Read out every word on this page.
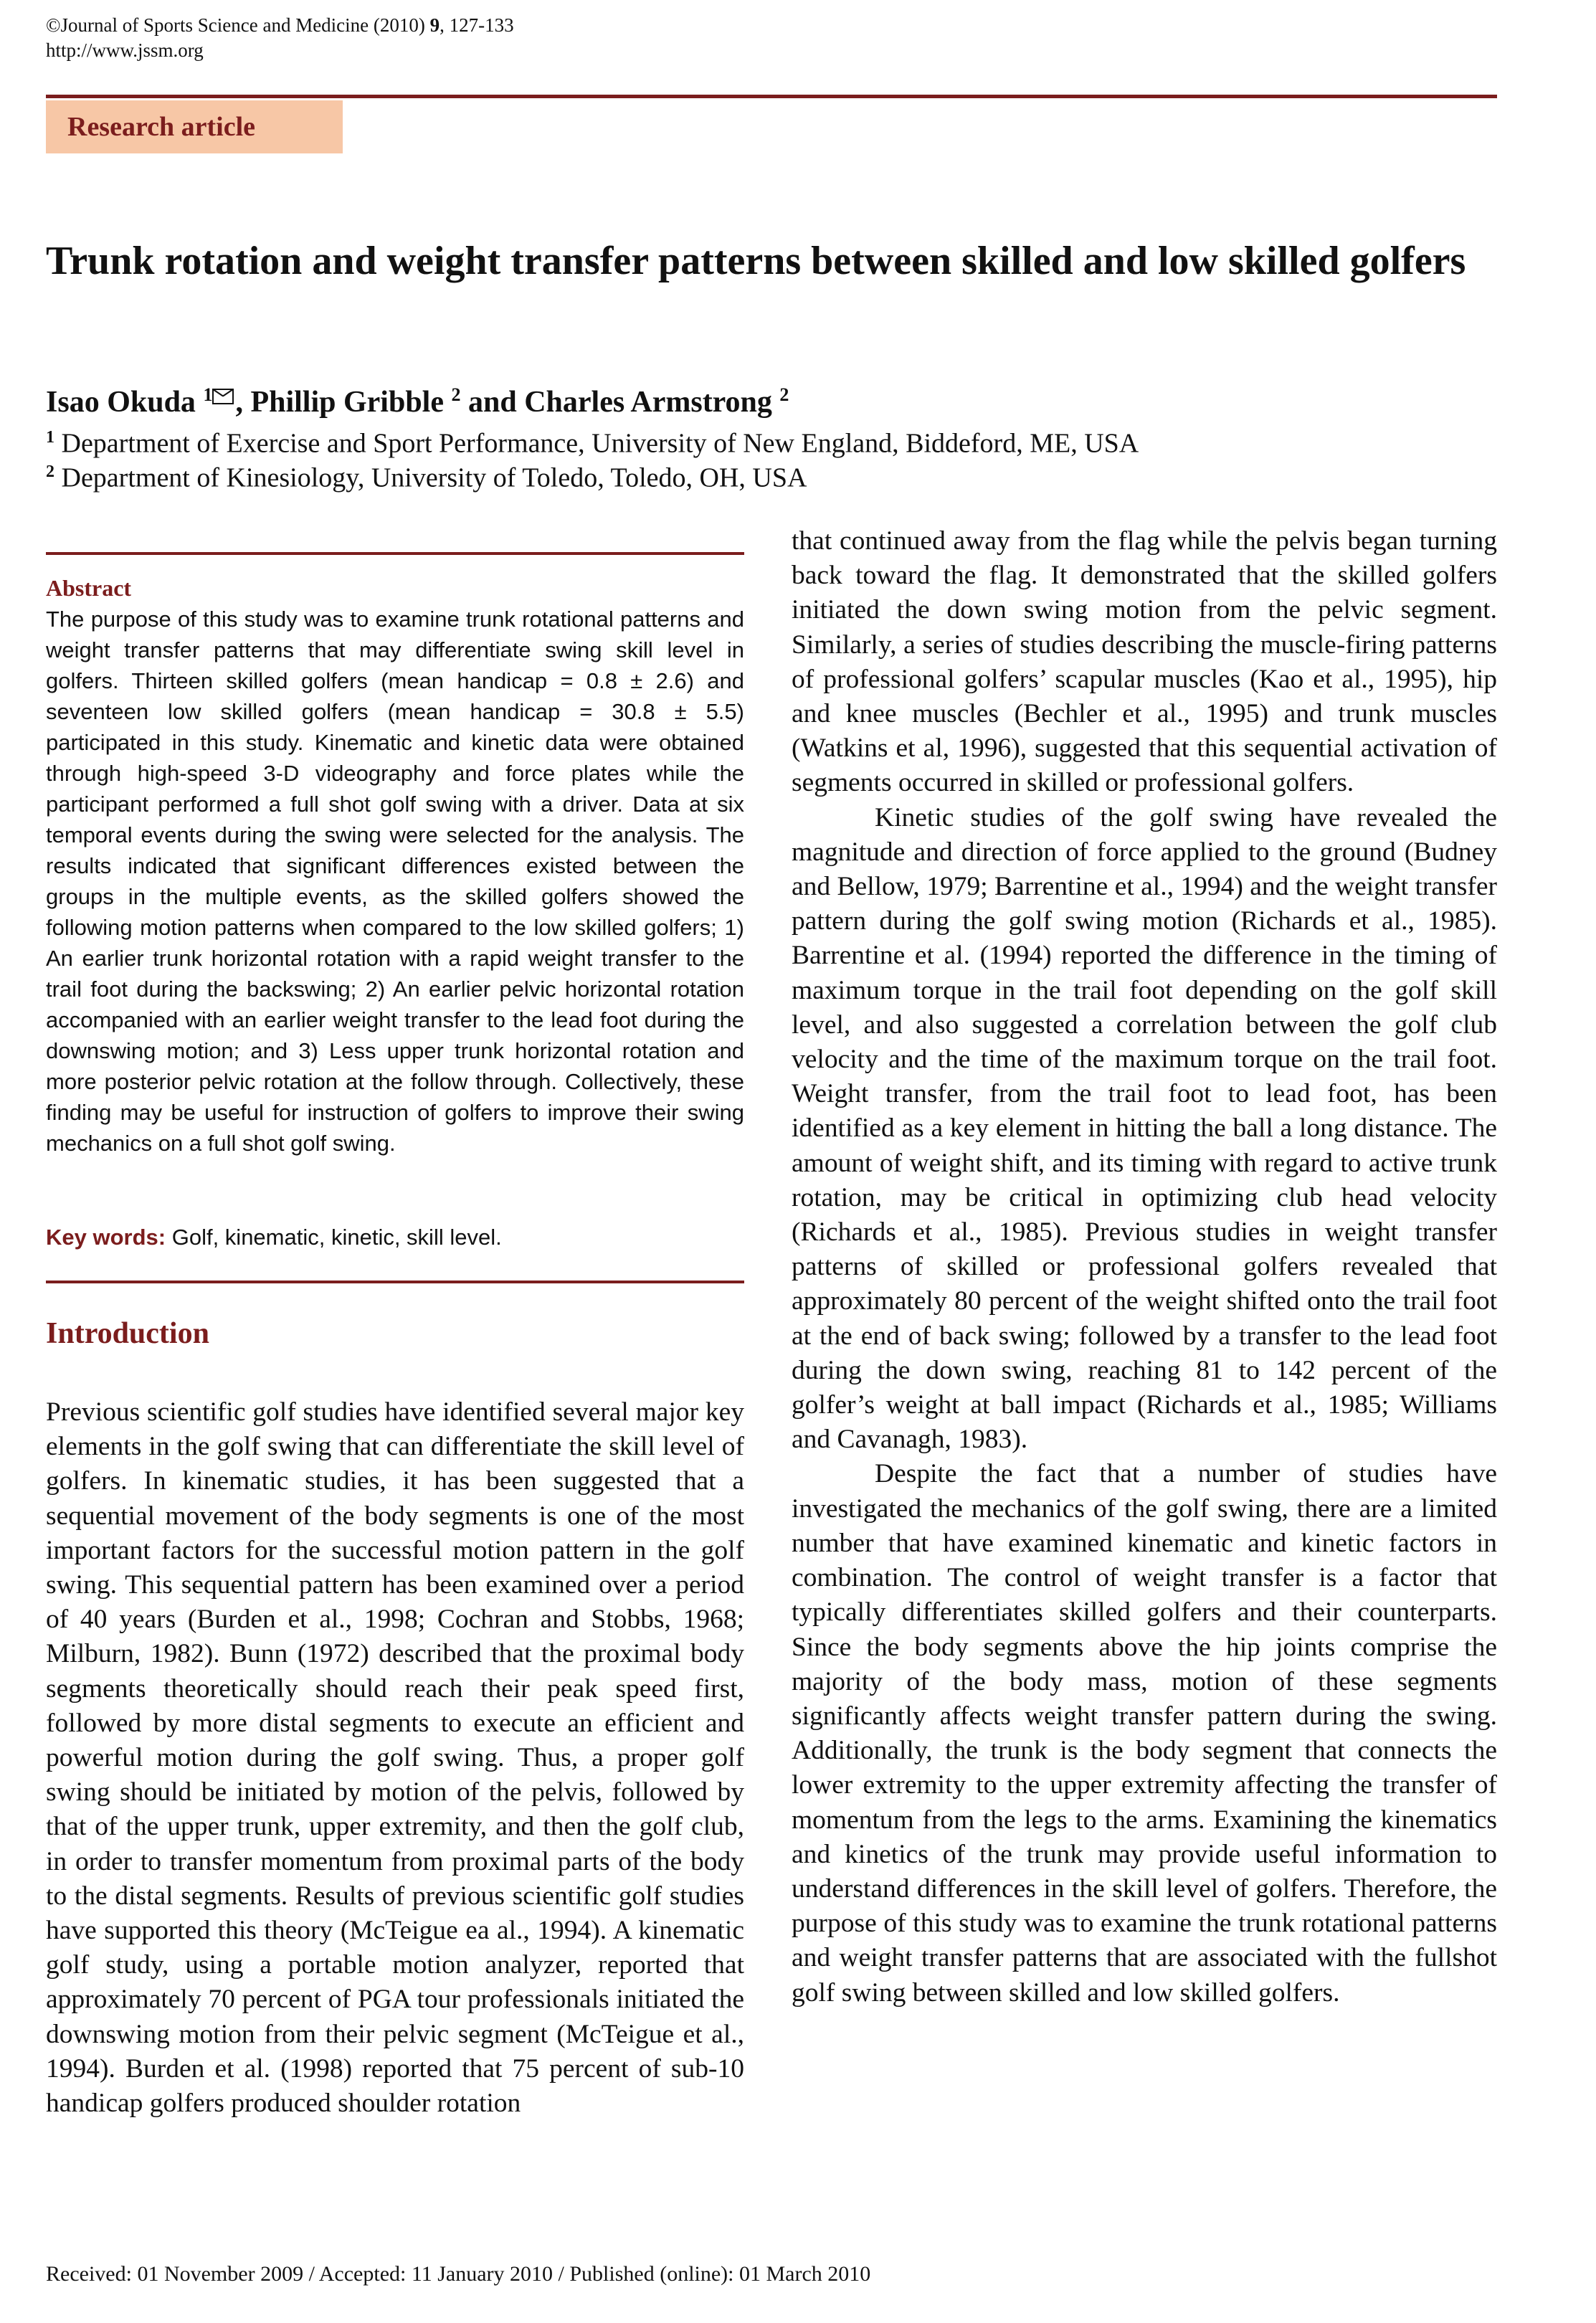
©Journal of Sports Science and Medicine (2010) 9, 127-133
http://www.jssm.org
Research article
Trunk rotation and weight transfer patterns between skilled and low skilled golfers
Isao Okuda $^1$ , Phillip Gribble $^2$ and Charles Armstrong $^2$
$^1$ Department of Exercise and Sport Performance, University of New England, Biddeford, ME, USA
$^2$ Department of Kinesiology, University of Toledo, Toledo, OH, USA
Abstract

The purpose of this study was to examine trunk rotational patterns and weight transfer patterns that may differentiate swing skill level in golfers. Thirteen skilled golfers (mean handicap = 0.8 ± 2.6) and seventeen low skilled golfers (mean handicap = 30.8 ± 5.5) participated in this study. Kinematic and kinetic data were obtained through high-speed 3-D videography and force plates while the participant performed a full shot golf swing with a driver. Data at six temporal events during the swing were selected for the analysis. The results indicated that significant differences existed between the groups in the multiple events, as the skilled golfers showed the following motion patterns when compared to the low skilled golfers; 1) An earlier trunk horizontal rotation with a rapid weight transfer to the trail foot during the backswing; 2) An earlier pelvic horizontal rotation accompanied with an earlier weight transfer to the lead foot during the downswing motion; and 3) Less upper trunk horizontal rotation and more posterior pelvic rotation at the follow through. Collectively, these finding may be useful for instruction of golfers to improve their swing mechanics on a full shot golf swing.

Key words: Golf, kinematic, kinetic, skill level.
Introduction

Previous scientific golf studies have identified several major key elements in the golf swing that can differentiate the skill level of golfers. In kinematic studies, it has been suggested that a sequential movement of the body segments is one of the most important factors for the successful motion pattern in the golf swing. This sequential pattern has been examined over a period of 40 years (Burden et al., 1998; Cochran and Stobbs, 1968; Milburn, 1982). Bunn (1972) described that the proximal body segments theoretically should reach their peak speed first, followed by more distal segments to execute an efficient and powerful motion during the golf swing. Thus, a proper golf swing should be initiated by motion of the pelvis, followed by that of the upper trunk, upper extremity, and then the golf club, in order to transfer momentum from proximal parts of the body to the distal segments. Results of previous scientific golf studies have supported this theory (McTeigue ea al., 1994). A kinematic golf study, using a portable motion analyzer, reported that approximately 70 percent of PGA tour professionals initiated the downswing motion from their pelvic segment (McTeigue et al., 1994). Burden et al. (1998) reported that 75 percent of sub-10 handicap golfers produced shoulder rotation

that continued away from the flag while the pelvis began turning back toward the flag. It demonstrated that the skilled golfers initiated the down swing motion from the pelvic segment. Similarly, a series of studies describing the muscle-firing patterns of professional golfers’ scapular muscles (Kao et al., 1995), hip and knee muscles (Bechler et al., 1995) and trunk muscles (Watkins et al, 1996), suggested that this sequential activation of segments occurred in skilled or professional golfers.

Kinetic studies of the golf swing have revealed the magnitude and direction of force applied to the ground (Budney and Bellow, 1979; Barrentine et al., 1994) and the weight transfer pattern during the golf swing motion (Richards et al., 1985). Barrentine et al. (1994) reported the difference in the timing of maximum torque in the trail foot depending on the golf skill level, and also suggested a correlation between the golf club velocity and the time of the maximum torque on the trail foot. Weight transfer, from the trail foot to lead foot, has been identified as a key element in hitting the ball a long distance. The amount of weight shift, and its timing with regard to active trunk rotation, may be critical in optimizing club head velocity (Richards et al., 1985). Previous studies in weight transfer patterns of skilled or professional golfers revealed that approximately 80 percent of the weight shifted onto the trail foot at the end of back swing; followed by a transfer to the lead foot during the down swing, reaching 81 to 142 percent of the golfer’s weight at ball impact (Richards et al., 1985; Williams and Cavanagh, 1983).

Despite the fact that a number of studies have investigated the mechanics of the golf swing, there are a limited number that have examined kinematic and kinetic factors in combination. The control of weight transfer is a factor that typically differentiates skilled golfers and their counterparts. Since the body segments above the hip joints comprise the majority of the body mass, motion of these segments significantly affects weight transfer pattern during the swing. Additionally, the trunk is the body segment that connects the lower extremity to the upper extremity affecting the transfer of momentum from the legs to the arms. Examining the kinematics and kinetics of the trunk may provide useful information to understand differences in the skill level of golfers. Therefore, the purpose of this study was to examine the trunk rotational patterns and weight transfer patterns that are associated with the fullshot golf swing between skilled and low skilled golfers.

Received: 01 November 2009 / Accepted: 11 January 2010 / Published (online): 01 March 2010
